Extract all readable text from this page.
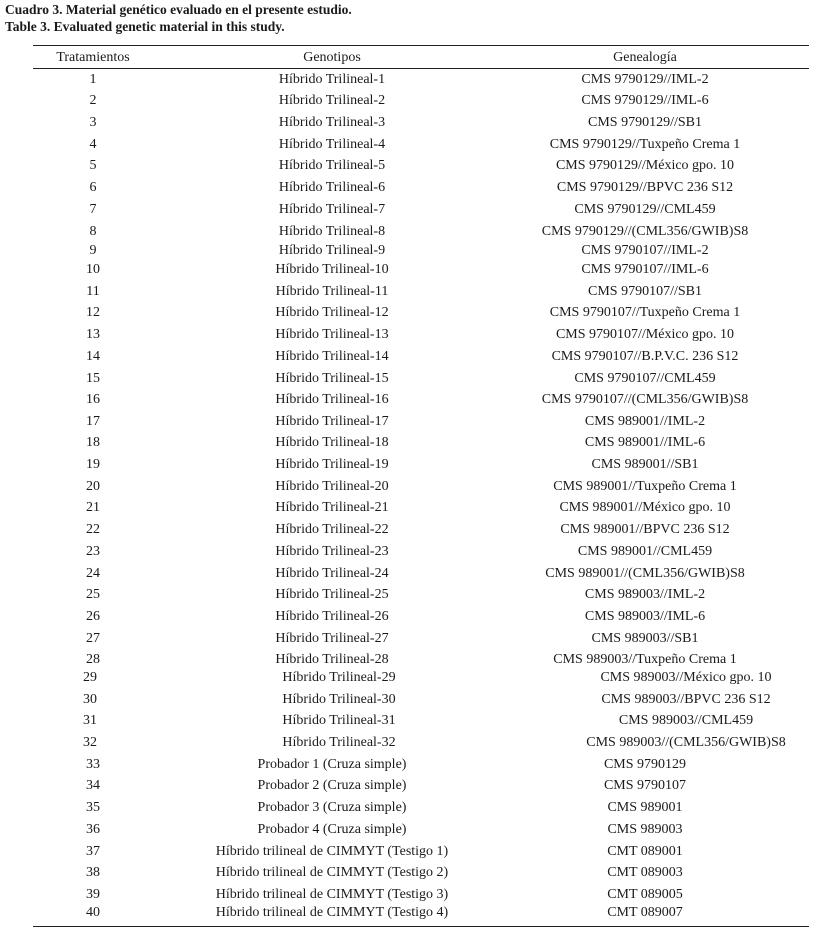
Cuadro 3. Material genético evaluado en el presente estudio.
Table 3. Evaluated genetic material in this study.
Tratamientos	Genotipos	Genealogía
1	Híbrido Trilineal-1	CMS 9790129//IML-2
2	Híbrido Trilineal-2	CMS 9790129//IML-6
3	Híbrido Trilineal-3	CMS 9790129//SB1
4	Híbrido Trilineal-4	CMS 9790129//Tuxpeño Crema 1
5	Híbrido Trilineal-5	CMS 9790129//México gpo. 10
6	Híbrido Trilineal-6	CMS 9790129//BPVC 236 S12
7	Híbrido Trilineal-7	CMS 9790129//CML459
8	Híbrido Trilineal-8	CMS 9790129//(CML356/GWIB)S8
9	Híbrido Trilineal-9	CMS 9790107//IML-2
10	Híbrido Trilineal-10	CMS 9790107//IML-6
11	Híbrido Trilineal-11	CMS 9790107//SB1
12	Híbrido Trilineal-12	CMS 9790107//Tuxpeño Crema 1
13	Híbrido Trilineal-13	CMS 9790107//México gpo. 10
14	Híbrido Trilineal-14	CMS 9790107//B.P.V.C. 236 S12
15	Híbrido Trilineal-15	CMS 9790107//CML459
16	Híbrido Trilineal-16	CMS 9790107//(CML356/GWIB)S8
17	Híbrido Trilineal-17	CMS 989001//IML-2
18	Híbrido Trilineal-18	CMS 989001//IML-6
19	Híbrido Trilineal-19	CMS 989001//SB1
20	Híbrido Trilineal-20	CMS 989001//Tuxpeño Crema 1
21	Híbrido Trilineal-21	CMS 989001//México gpo. 10
22	Híbrido Trilineal-22	CMS 989001//BPVC 236 S12
23	Híbrido Trilineal-23	CMS 989001//CML459
24	Híbrido Trilineal-24	CMS 989001//(CML356/GWIB)S8
25	Híbrido Trilineal-25	CMS 989003//IML-2
26	Híbrido Trilineal-26	CMS 989003//IML-6
27	Híbrido Trilineal-27	CMS 989003//SB1
28	Híbrido Trilineal-28	CMS 989003//Tuxpeño Crema 1
29	Híbrido Trilineal-29	CMS 989003//México gpo. 10
30	Híbrido Trilineal-30	CMS 989003//BPVC 236 S12
31	Híbrido Trilineal-31	CMS 989003//CML459
32	Híbrido Trilineal-32	CMS 989003//(CML356/GWIB)S8
33	Probador 1 (Cruza simple)	CMS 9790129
34	Probador 2 (Cruza simple)	CMS 9790107
35	Probador 3 (Cruza simple)	CMS 989001
36	Probador 4 (Cruza simple)	CMS 989003
37	Híbrido trilineal de CIMMYT (Testigo 1)	CMT 089001
38	Híbrido trilineal de CIMMYT (Testigo 2)	CMT 089003
39	Híbrido trilineal de CIMMYT (Testigo 3)	CMT 089005
40	Híbrido trilineal de CIMMYT (Testigo 4)	CMT 089007
